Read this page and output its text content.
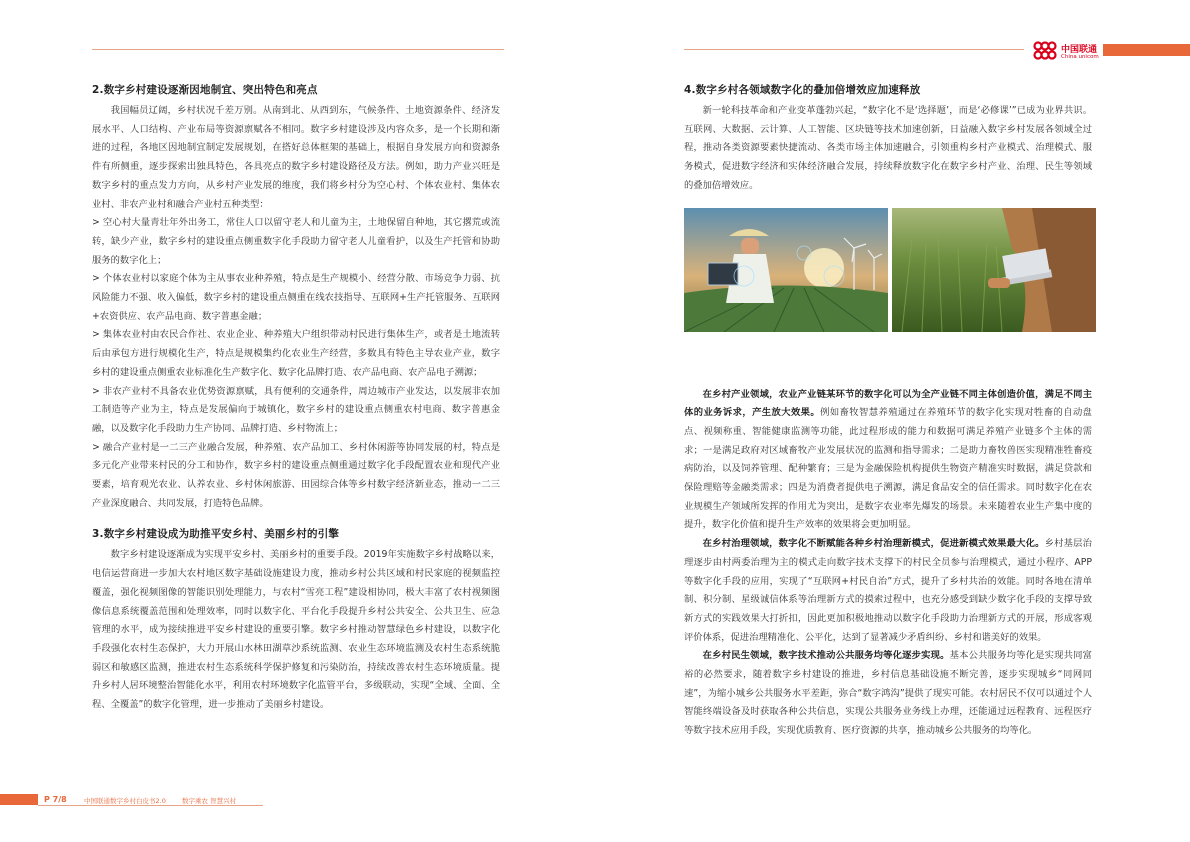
中国联通
China unicom
2.数字乡村建设逐渐因地制宜、突出特色和亮点

我国幅员辽阔，乡村状况千差万别。从南到北、从西到东，气候条件、土地资源条件、经济发展水平、人口结构、产业布局等资源禀赋各不相同。数字乡村建设涉及内容众多，是一个长期和渐进的过程，各地区因地制宜制定发展规划，在搭好总体框架的基础上，根据自身发展方向和资源条件有所侧重，逐步探索出独具特色，各具亮点的数字乡村建设路径及方法。例如，助力产业兴旺是数字乡村的重点发力方向，从乡村产业发展的维度，我们将乡村分为空心村、个体农业村、集体农业村、非农产业村和融合产业村五种类型：

> 空心村大量青壮年外出务工，常住人口以留守老人和儿童为主，土地保留自种地，其它撂荒或流转，缺少产业，数字乡村的建设重点侧重数字化手段助力留守老人儿童看护，以及生产托管和协助服务的数字化上；

> 个体农业村以家庭个体为主从事农业种养殖，特点是生产规模小、经营分散、市场竞争力弱、抗风险能力不强、收入偏低，数字乡村的建设重点侧重在线农技指导、互联网+生产托管服务、互联网+农资供应、农产品电商、数字普惠金融；

> 集体农业村由农民合作社、农业企业、种养殖大户组织带动村民进行集体生产，或者是土地流转后由承包方进行规模化生产，特点是规模集约化农业生产经营，多数具有特色主导农业产业，数字乡村的建设重点侧重农业标准化生产数字化、数字化品牌打造、农产品电商、农产品电子溯源；

> 非农产业村不具备农业优势资源禀赋，具有便利的交通条件，周边城市产业发达，以发展非农加工制造等产业为主，特点是发展偏向于城镇化，数字乡村的建设重点侧重农村电商、数字普惠金融，以及数字化手段助力生产协同、品牌打造、乡村物流上；

> 融合产业村是一二三产业融合发展，种养殖、农产品加工、乡村休闲游等协同发展的村，特点是多元化产业带来村民的分工和协作，数字乡村的建设重点侧重通过数字化手段配置农业和现代产业要素，培育观光农业、认养农业、乡村休闲旅游、田园综合体等乡村数字经济新业态，推动一二三产业深度融合、共同发展，打造特色品牌。

3.数字乡村建设成为助推平安乡村、美丽乡村的引擎

数字乡村建设逐渐成为实现平安乡村、美丽乡村的重要手段。2019年实施数字乡村战略以来，电信运营商进一步加大农村地区数字基础设施建设力度，推动乡村公共区域和村民家庭的视频监控覆盖，强化视频图像的智能识别处理能力，与农村“雪亮工程”建设相协同，极大丰富了农村视频图像信息系统覆盖范围和处理效率，同时以数字化、平台化手段提升乡村公共安全、公共卫生、应急管理的水平，成为接续推进平安乡村建设的重要引擎。数字乡村推动智慧绿色乡村建设，以数字化手段强化农村生态保护，大力开展山水林田湖草沙系统监测、农业生态环境监测及农村生态系统脆弱区和敏感区监测，推进农村生态系统科学保护修复和污染防治，持续改善农村生态环境质量。提升乡村人居环境整治智能化水平，利用农村环境数字化监管平台，多级联动，实现“全域、全面、全程、全覆盖”的数字化管理，进一步推动了美丽乡村建设。

4.数字乡村各领域数字化的叠加倍增效应加速释放

新一轮科技革命和产业变革蓬勃兴起，“数字化不是‘选择题’，而是‘必修课’”已成为业界共识。互联网、大数据、云计算、人工智能、区块链等技术加速创新，日益融入数字乡村发展各领域全过程，推动各类资源要素快捷流动、各类市场主体加速融合，引领重构乡村产业模式、治理模式、服务模式，促进数字经济和实体经济融合发展，持续释放数字化在数字乡村产业、治理、民生等领域的叠加倍增效应。

在乡村产业领域，农业产业链某环节的数字化可以为全产业链不同主体创造价值，满足不同主体的业务诉求，产生放大效果。例如畜牧智慧养殖通过在养殖环节的数字化实现对牲畜的自动盘点、视频称重、智能健康监测等功能，此过程形成的能力和数据可满足养殖产业链多个主体的需求；一是满足政府对区域畜牧产业发展状况的监测和指导需求；二是助力畜牧兽医实现精准牲畜疫病防治，以及饲养管理、配种繁育；三是为金融保险机构提供生物资产精准实时数据，满足贷款和保险理赔等金融类需求；四是为消费者提供电子溯源，满足食品安全的信任需求。同时数字化在农业规模生产领域所发挥的作用尤为突出，是数字农业率先爆发的场景。未来随着农业生产集中度的提升，数字化价值和提升生产效率的效果将会更加明显。

在乡村治理领域，数字化不断赋能各种乡村治理新模式，促进新模式效果最大化。乡村基层治理逐步由村两委治理为主的模式走向数字技术支撑下的村民全员参与治理模式，通过小程序、APP等数字化手段的应用，实现了“互联网+村民自治”方式，提升了乡村共治的效能。同时各地在清单制、积分制、星级诚信体系等治理新方式的摸索过程中，也充分感受到缺少数字化手段的支撑导致新方式的实践效果大打折扣，因此更加积极地推动以数字化手段助力治理新方式的开展，形成客观评价体系，促进治理精准化、公平化，达到了显著减少矛盾纠纷、乡村和谐美好的效果。

在乡村民生领域，数字技术推动公共服务均等化逐步实现。基本公共服务均等化是实现共同富裕的必然要求，随着数字乡村建设的推进，乡村信息基础设施不断完善，逐步实现城乡“同网同速”，为缩小城乡公共服务水平差距，弥合“数字鸿沟”提供了现实可能。农村居民不仅可以通过个人智能终端设备及时获取各种公共信息，实现公共服务业务线上办理，还能通过远程教育、远程医疗等数字技术应用手段，实现优质教育、医疗资源的共享，推动城乡公共服务的均等化。

P 7/8	中国联通数字乡村白皮书2.0 数字乘农 智慧兴村
